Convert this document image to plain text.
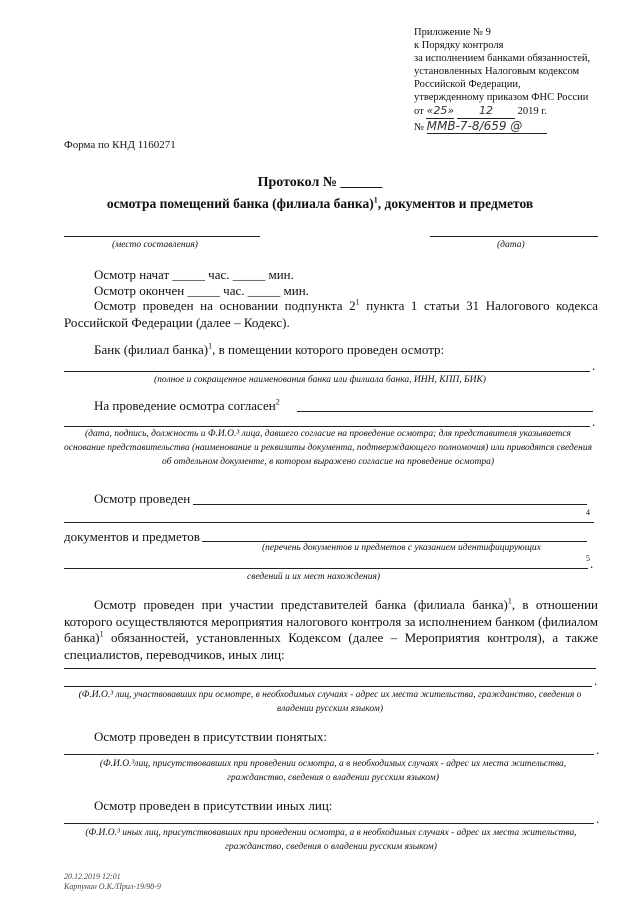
Приложение № 9
к Порядку контроля
за исполнением банками обязанностей,
установленных Налоговым кодексом
Российской Федерации,
утвержденному приказом ФНС России
от «25» 12 2019 г.
№ ММВ-7-8/659 @
Форма по КНД 1160271
Протокол № ______
осмотра помещений банка (филиала банка)$^1$, документов и предметов
(место составления)	(дата)
Осмотр начат _____ час. _____ мин.
Осмотр окончен _____ час. _____ мин.
Осмотр проведен на основании подпункта $2^1$ пункта 1 статьи 31 Налогового кодекса Российской Федерации (далее – Кодекс).
Банк (филиал банка)$^1$, в помещении которого проведен осмотр:
.
(полное и сокращенное наименования банка или филиала банка, ИНН, КПП, БИК)
На проведение осмотра согласен$^2$
.
(дата, подпись, должность и Ф.И.О.³ лица, давшего согласие на проведение осмотра; для представителя указывается основание представительства (наименование и реквизиты документа, подтверждающего полномочия) или приводятся сведения об отдельном документе, в котором выражено согласие на проведение осмотра)
Осмотр проведен
4
документов и предметов
(перечень документов и предметов с указанием идентифицирующих
5 .
сведений и их мест нахождения)
Осмотр проведен при участии представителей банка (филиала банка)$^1$, в отношении которого осуществляются мероприятия налогового контроля за исполнением банком (филиалом банка)$^1$ обязанностей, установленных Кодексом (далее – Мероприятия контроля), а также специалистов, переводчиков, иных лиц:
.
(Ф.И.О.³ лиц, участвовавших при осмотре, в необходимых случаях - адрес их места жительства, гражданство, сведения о владении русским языком)
Осмотр проведен в присутствии понятых:
.
(Ф.И.О.³лиц, присутствовавших при проведении осмотра, а в необходимых случаях - адрес их места жительства, гражданство, сведения о владении русским языком)
Осмотр проведен в присутствии иных лиц:
.
(Ф.И.О.³ иных лиц, присутствовавших при проведении осмотра, а в необходимых случаях - адрес их места жительства, гражданство, сведения о владении русским языком)
20.12.2019 12:01
Карпунин О.К./Прил-19/98-9
